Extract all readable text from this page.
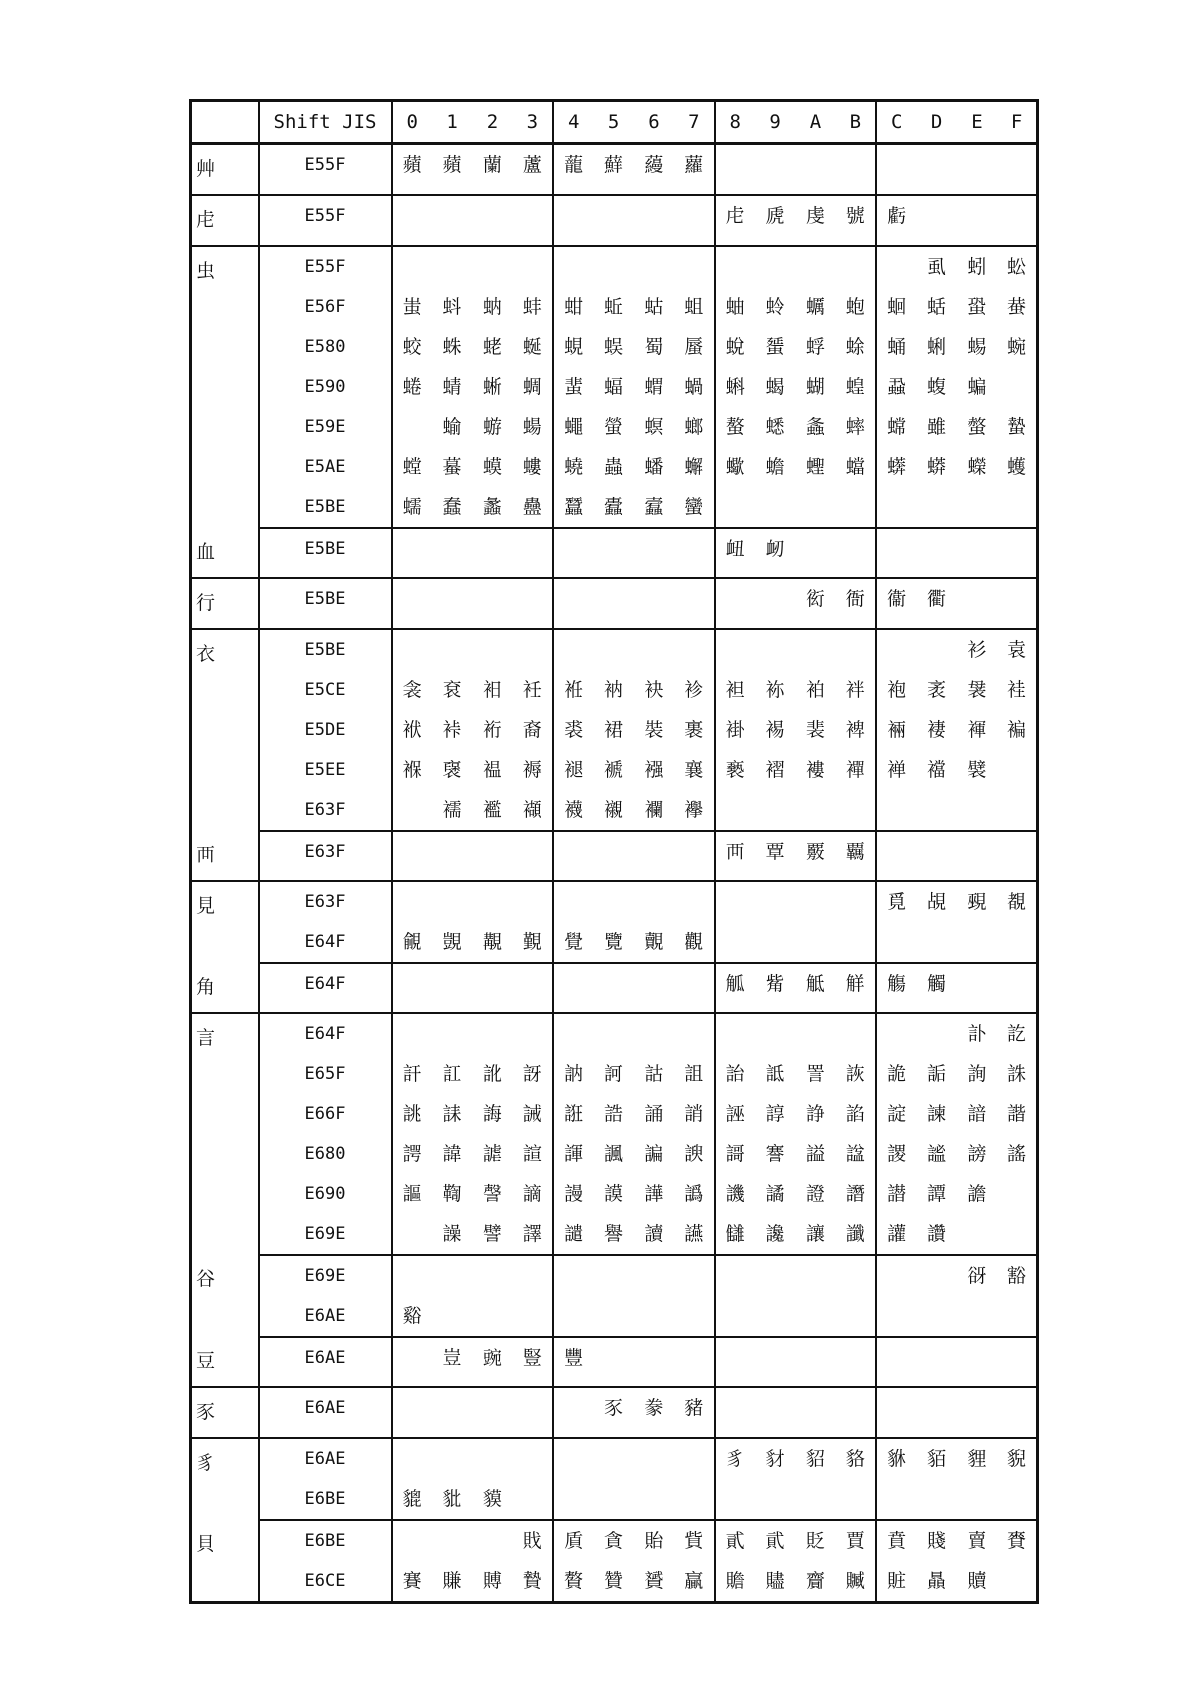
	Shift JIS	0	1	2	3	4	5	6	7	8	9	A	B	C	D	E	F
艸	E55F	蘋	蘋	蘭	蘆	蘢	蘚	蘰	蘿								

虍	E55F									虍	虒	虔	號	虧			

虫	E55F														虱	蚓	蚣

	E56F	蚩	蚪	蚋	蚌	蚶	蚯	蛄	蛆	蚰	蛉	蠣	蚫	蛔	蛞	蛩	蛬

	E580	蛟	蛛	蛯	蜒	蜆	蜈	蜀	蜃	蛻	蜑	蜉	蜍	蛹	蜊	蜴	蜿

	E590	蜷	蜻	蜥	蜩	蜚	蝠	蝟	蝸	蝌	蝎	蝴	蝗	蝨	蝮	蝙	

	E59E		蝓	蝣	蝪	蠅	螢	螟	螂	螯	蟋	螽	蟀	蟐	雖	螫	蟄

	E5AE	螳	蟇	蟆	螻	蟯	蟲	蟠	蠏	蠍	蟾	蟶	蟷	蠎	蟒	蠑	蠖

	E5BE	蠕	蠢	蠡	蠱	蠶	蠹	蠧	蠻								

血	E5BE									衄	衂						

行	E5BE											衒	衙	衞	衢		

衣	E5BE															衫	袁

	E5CE	衾	袞	衵	衽	袵	衲	袂	袗	袒	袮	袙	袢	袍	袤	袰	袿

	E5DE	袱	裃	裄	裔	裘	裙	裝	裹	褂	裼	裴	裨	裲	褄	褌	褊

	E5EE	褓	襃	褞	褥	褪	褫	襁	襄	褻	褶	褸	襌	褝	襠	襞	

	E63F		襦	襤	襭	襪	襯	襴	襷								

襾	E63F									襾	覃	覈	覊				

見	E63F													覓	覘	覡	覩

	E64F	覦	覬	覯	覲	覺	覽	覿	觀								

角	E64F									觚	觜	觝	觧	觴	觸		

言	E64F															訃	訖

	E65F	訐	訌	訛	訝	訥	訶	詁	詛	詒	詆	詈	詼	詭	詬	詢	誅

	E66F	誂	誄	誨	誡	誑	誥	誦	誚	誣	諄	諍	諂	諚	諫	諳	諧

	E680	諤	諱	謔	諠	諢	諷	諞	諛	謌	謇	謚	諡	謖	謐	謗	謠

	E690	謳	鞫	謦	謫	謾	謨	譁	譌	譏	譎	證	譖	譛	譚	譫	

	E69E		譟	譬	譯	譴	譽	讀	讌	讎	讒	讓	讖	讙	讚		

谷	E69E															谺	豁

	E6AE	谿															

豆	E6AE		豈	豌	豎	豐											

豕	E6AE						豕	豢	豬								

豸	E6AE									豸	豺	貂	貉	貅	貊	貍	貎

	E6BE	貔	豼	貘													

貝	E6BE				戝	貭	貪	貽	貲	貳	貮	貶	賈	賁	賤	賣	賚

	E6CE	賽	賺	賻	贄	贅	贊	贇	贏	贍	贐	齎	贓	賍	贔	贖	
